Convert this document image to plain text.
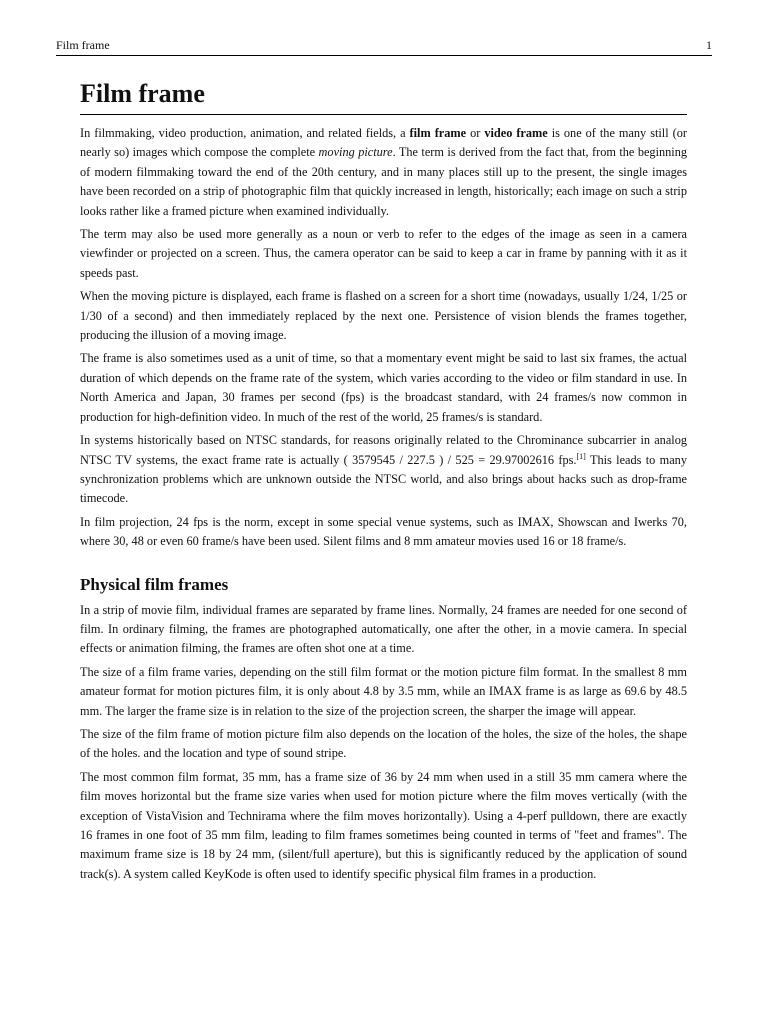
Film frame	1
Film frame

In filmmaking, video production, animation, and related fields, a film frame or video frame is one of the many still (or nearly so) images which compose the complete moving picture. The term is derived from the fact that, from the beginning of modern filmmaking toward the end of the 20th century, and in many places still up to the present, the single images have been recorded on a strip of photographic film that quickly increased in length, historically; each image on such a strip looks rather like a framed picture when examined individually.

The term may also be used more generally as a noun or verb to refer to the edges of the image as seen in a camera viewfinder or projected on a screen. Thus, the camera operator can be said to keep a car in frame by panning with it as it speeds past.

When the moving picture is displayed, each frame is flashed on a screen for a short time (nowadays, usually 1/24, 1/25 or 1/30 of a second) and then immediately replaced by the next one. Persistence of vision blends the frames together, producing the illusion of a moving image.

The frame is also sometimes used as a unit of time, so that a momentary event might be said to last six frames, the actual duration of which depends on the frame rate of the system, which varies according to the video or film standard in use. In North America and Japan, 30 frames per second (fps) is the broadcast standard, with 24 frames/s now common in production for high-definition video. In much of the rest of the world, 25 frames/s is standard.

In systems historically based on NTSC standards, for reasons originally related to the Chrominance subcarrier in analog NTSC TV systems, the exact frame rate is actually ( 3579545 / 227.5 ) / 525 = 29.97002616 fps.[1] This leads to many synchronization problems which are unknown outside the NTSC world, and also brings about hacks such as drop-frame timecode.

In film projection, 24 fps is the norm, except in some special venue systems, such as IMAX, Showscan and Iwerks 70, where 30, 48 or even 60 frame/s have been used. Silent films and 8 mm amateur movies used 16 or 18 frame/s.

Physical film frames

In a strip of movie film, individual frames are separated by frame lines. Normally, 24 frames are needed for one second of film. In ordinary filming, the frames are photographed automatically, one after the other, in a movie camera. In special effects or animation filming, the frames are often shot one at a time.

The size of a film frame varies, depending on the still film format or the motion picture film format. In the smallest 8 mm amateur format for motion pictures film, it is only about 4.8 by 3.5 mm, while an IMAX frame is as large as 69.6 by 48.5 mm. The larger the frame size is in relation to the size of the projection screen, the sharper the image will appear.

The size of the film frame of motion picture film also depends on the location of the holes, the size of the holes, the shape of the holes. and the location and type of sound stripe.

The most common film format, 35 mm, has a frame size of 36 by 24 mm when used in a still 35 mm camera where the film moves horizontal but the frame size varies when used for motion picture where the film moves vertically (with the exception of VistaVision and Technirama where the film moves horizontally). Using a 4-perf pulldown, there are exactly 16 frames in one foot of 35 mm film, leading to film frames sometimes being counted in terms of "feet and frames". The maximum frame size is 18 by 24 mm, (silent/full aperture), but this is significantly reduced by the application of sound track(s). A system called KeyKode is often used to identify specific physical film frames in a production.
